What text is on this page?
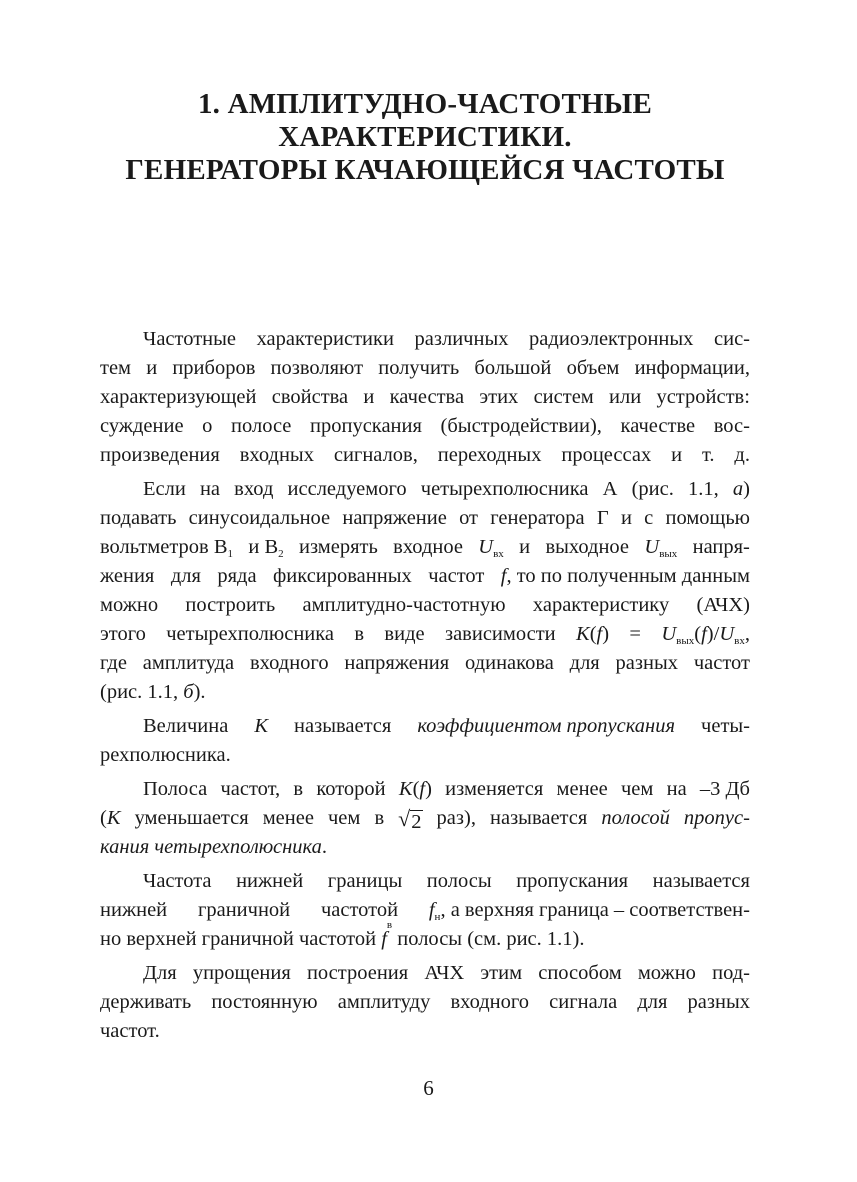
1. АМПЛИТУДНО-ЧАСТОТНЫЕ
ХАРАКТЕРИСТИКИ.
ГЕНЕРАТОРЫ КАЧАЮЩЕЙСЯ ЧАСТОТЫ
Частотные характеристики различных радиоэлектронных сис-
тем и приборов позволяют получить большой объем информации,
характеризующей свойства и качества этих систем или устройств:
суждение о полосе пропускания (быстродействии), качестве вос-
произведения входных сигналов, переходных процессах и т. д.
Если на вход исследуемого четырехполюсника А (рис. 1.1, а)
подавать синусоидальное напряжение от генератора Г и с помощью
вольтметров $В_1$ и $В_2$ измерять входное $U_{вх}$ и выходное $U_{вых}$ напря-
жения для ряда фиксированных частот f, то по полученным данным
можно построить амплитудно-частотную характеристику (АЧХ)
этого четырехполюсника в виде зависимости $K(f) = U_{вых}(f)/U_{вх}$,
где амплитуда входного напряжения одинакова для разных частот
(рис. 1.1,
б ).
Величина K называется коэффициентом пропускания четы-
рехполюсника.
Полоса частот, в которой K(f) изменяется менее чем на –3 Дб
(K уменьшается менее чем в √ 2 раз), называется полосой пропус-
кания четырехполюсника .
Частота нижней границы полосы пропускания называется
нижней граничной частотой $f_н$, а верхняя граница – соответствен-
но верхней граничной частотой
f
в

полосы (см. рис. 1.1).
Для упрощения построения АЧХ этим способом можно под-
держивать постоянную амплитуду входного сигнала для разных
частот.
6
